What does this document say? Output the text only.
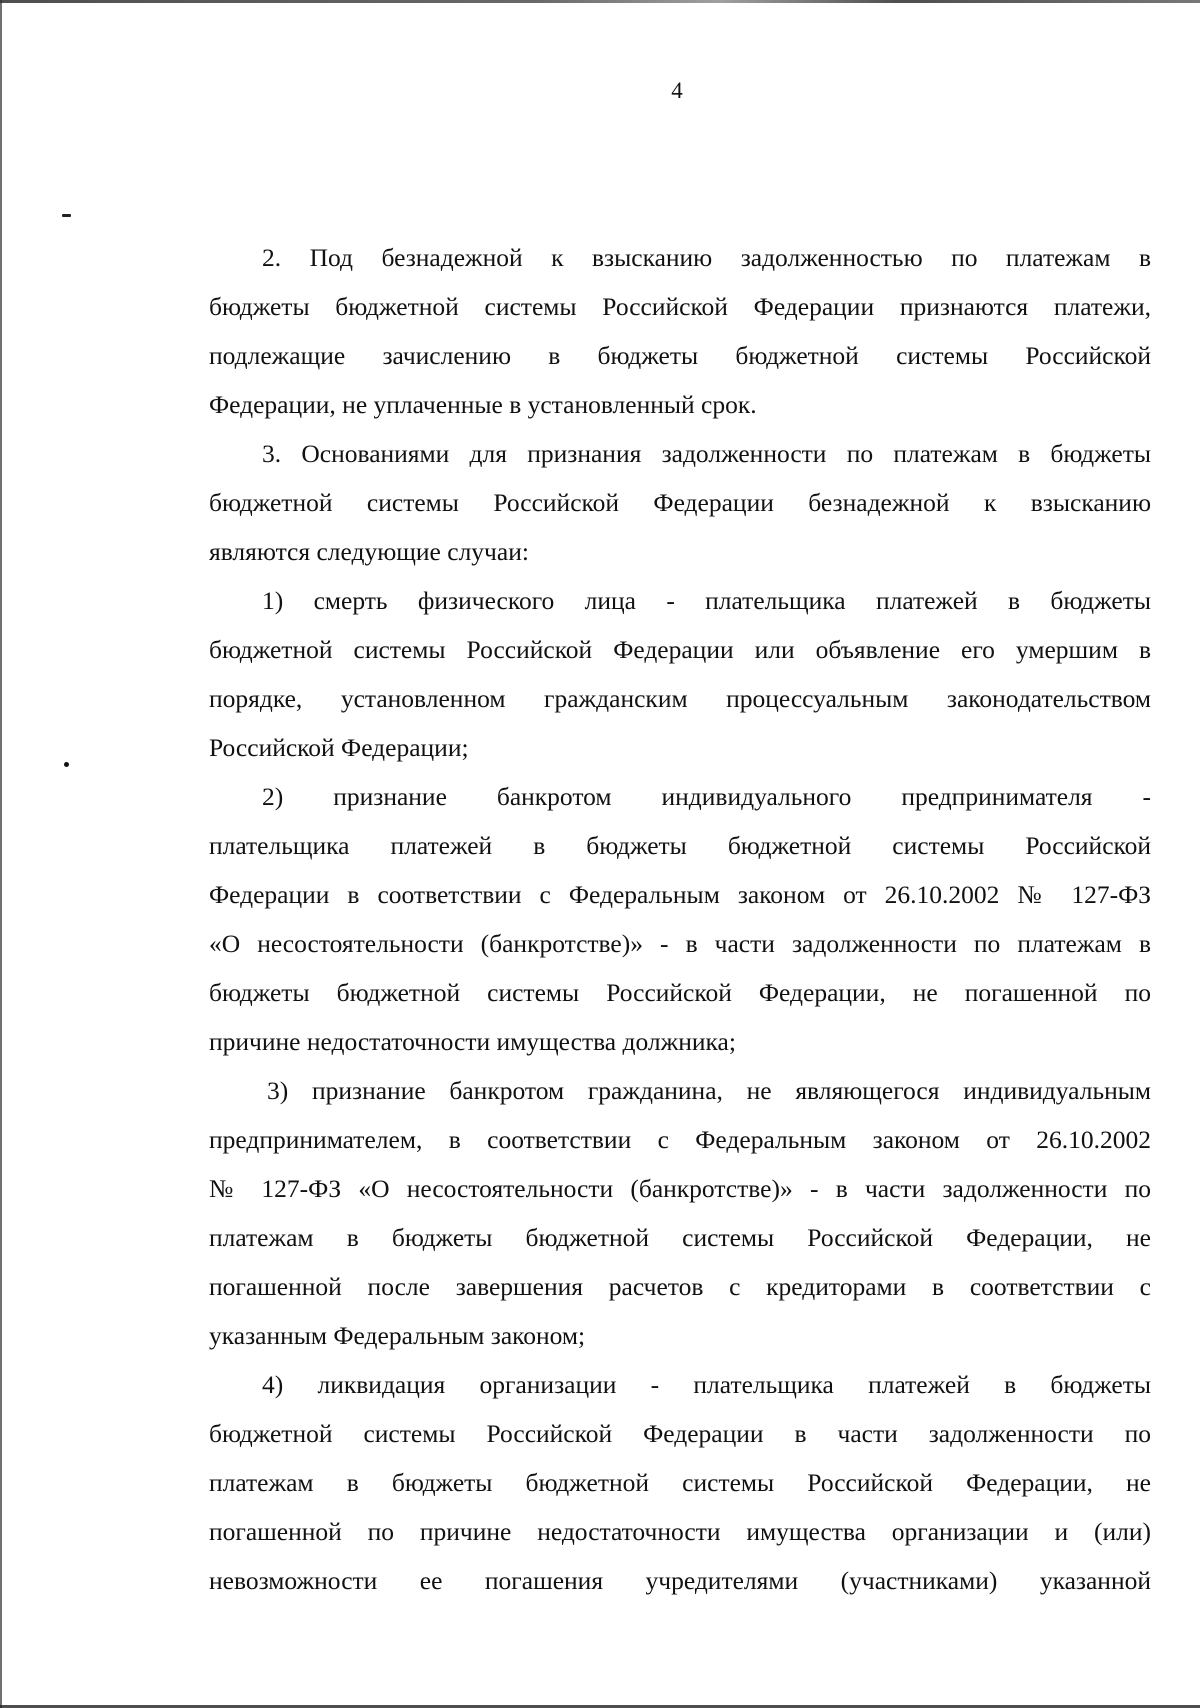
4
2. Под безнадежной к взысканию задолженностью по платежам в
бюджеты бюджетной системы Российской Федерации признаются платежи,
подлежащие зачислению в бюджеты бюджетной системы Российской
Федерации, не уплаченные в установленный срок.
3. Основаниями для признания задолженности по платежам в бюджеты
бюджетной системы Российской Федерации безнадежной к взысканию
являются следующие случаи:
1) смерть физического лица - плательщика платежей в бюджеты
бюджетной системы Российской Федерации или объявление его умершим в
порядке, установленном гражданским процессуальным законодательством
Российской Федерации;
2) признание банкротом индивидуального предпринимателя -
плательщика платежей в бюджеты бюджетной системы Российской
Федерации в соответствии с Федеральным законом от 26.10.2002 № 127-ФЗ
«О несостоятельности (банкротстве)» - в части задолженности по платежам в
бюджеты бюджетной системы Российской Федерации, не погашенной по
причине недостаточности имущества должника;
3) признание банкротом гражданина, не являющегося индивидуальным
предпринимателем, в соответствии с Федеральным законом от 26.10.2002
№ 127-ФЗ «О несостоятельности (банкротстве)» - в части задолженности по
платежам в бюджеты бюджетной системы Российской Федерации, не
погашенной после завершения расчетов с кредиторами в соответствии с
указанным Федеральным законом;
4) ликвидация организации - плательщика платежей в бюджеты
бюджетной системы Российской Федерации в части задолженности по
платежам в бюджеты бюджетной системы Российской Федерации, не
погашенной по причине недостаточности имущества организации и (или)
невозможности ее погашения учредителями (участниками) указанной
